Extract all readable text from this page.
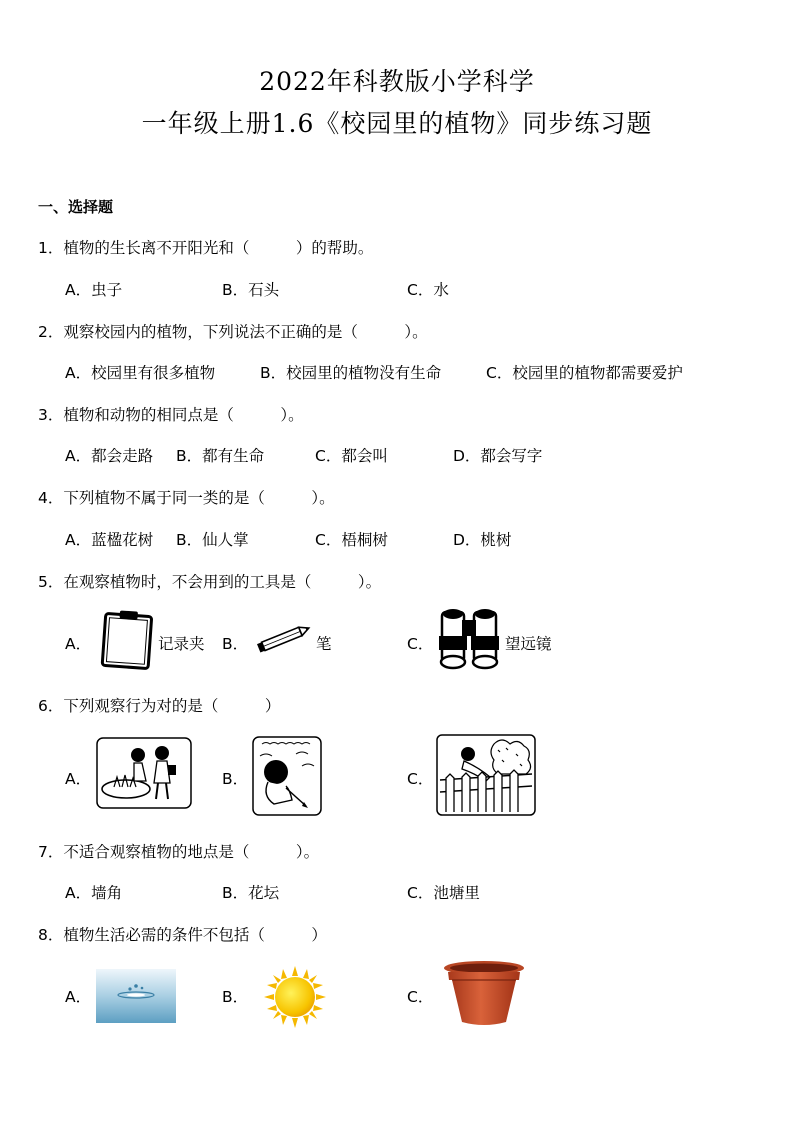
2022年科教版小学科学
一年级上册1.6《校园里的植物》同步练习题
一、选择题
1．植物的生长离不开阳光和（　　　）的帮助。
A．虫子	B．石头	C．水
2．观察校园内的植物，下列说法不正确的是（　　　）。
A．校园里有很多植物	B．校园里的植物没有生命	C．校园里的植物都需要爱护
3．植物和动物的相同点是（　　　）。
A．都会走路 B．都有生命	C．都会叫	D．都会写字
4．下列植物不属于同一类的是（　　　）。
A．蓝楹花树 B．仙人掌	C．梧桐树	D．桃树
5．在观察植物时，不会用到的工具是（　　　）。
A．	记录夹 B．	笔	C．	望远镜
6．下列观察行为对的是（　　　）
A．	B．	C．
7．不适合观察植物的地点是（　　　）。
A．墙角	B．花坛	C．池塘里
8．植物生活必需的条件不包括（　　　）
A．	B．	C．
